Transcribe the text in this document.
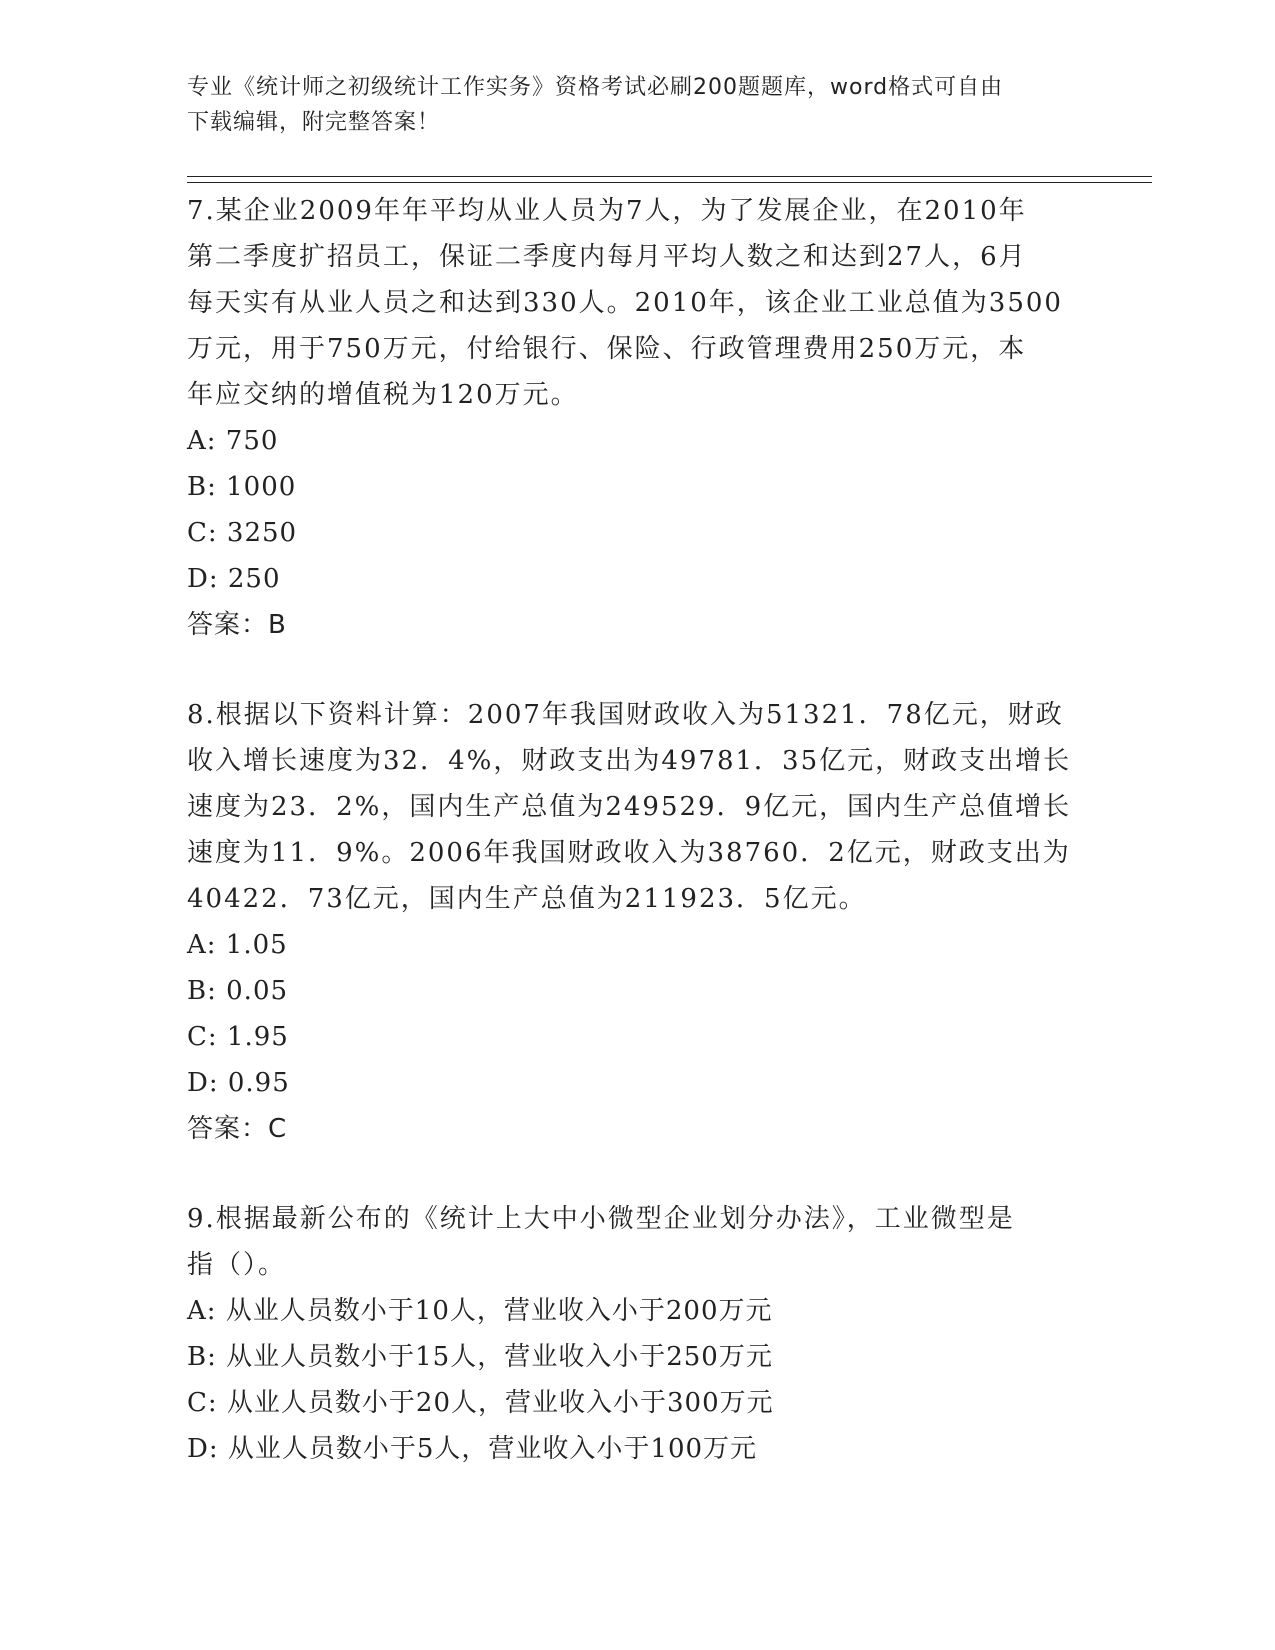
专业《统计师之初级统计工作实务》资格考试必刷200题题库，word格式可自由
下载编辑，附完整答案！

7.某企业2009年年平均从业人员为7人，为了发展企业，在2010年

第二季度扩招员工，保证二季度内每月平均人数之和达到27人，6月

每天实有从业人员之和达到330人。2010年，该企业工业总值为3500

万元，用于750万元，付给银行、保险、行政管理费用250万元，本

年应交纳的增值税为120万元。

A: 750

B: 1000

C: 3250

D: 250

答案：B

8.根据以下资料计算：2007年我国财政收入为51321．78亿元，财政

收入增长速度为32．4%，财政支出为49781．35亿元，财政支出增长

速度为23．2%，国内生产总值为249529．9亿元，国内生产总值增长

速度为11．9%。2006年我国财政收入为38760．2亿元，财政支出为

40422．73亿元，国内生产总值为211923．5亿元。

A: 1.05

B: 0.05

C: 1.95

D: 0.95

答案：C

9.根据最新公布的《统计上大中小微型企业划分办法》，工业微型是

指（）。

A: 从业人员数小于10人，营业收入小于200万元

B: 从业人员数小于15人，营业收入小于250万元

C: 从业人员数小于20人，营业收入小于300万元

D: 从业人员数小于5人，营业收入小于100万元
